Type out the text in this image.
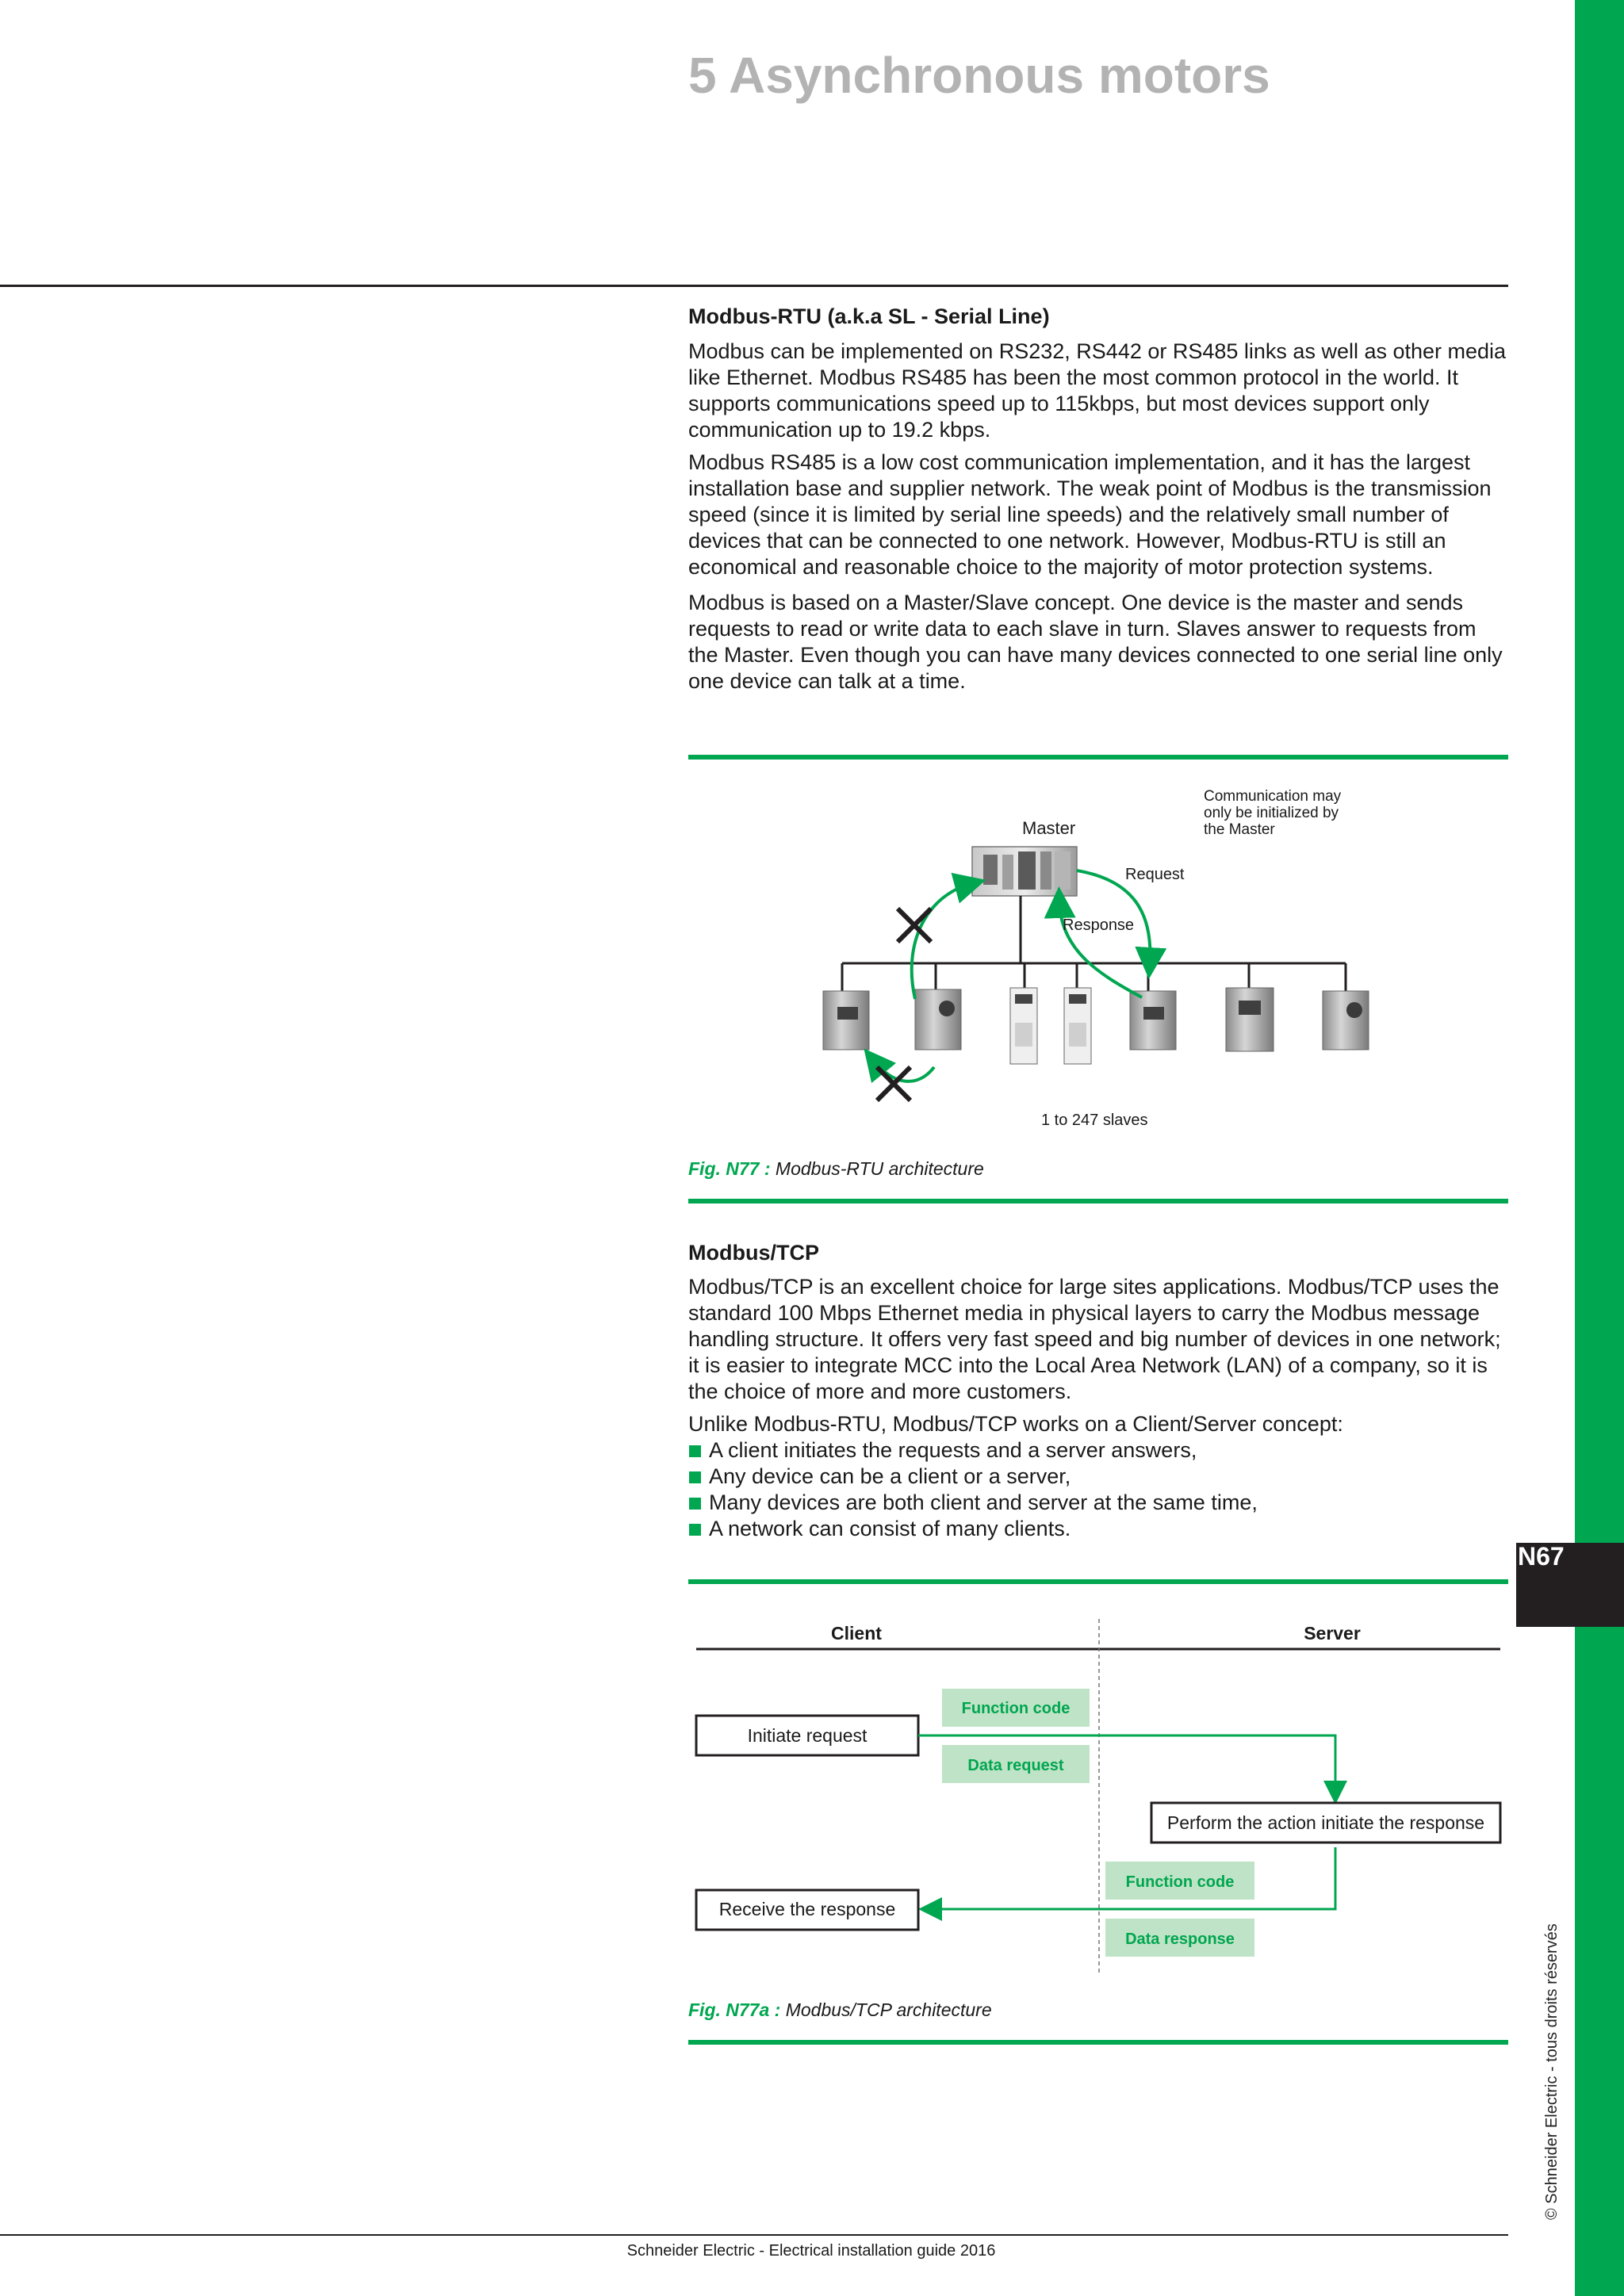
N67
© Schneider Electric - tous droits réservés
5 Asynchronous motors
Modbus-RTU (a.k.a SL - Serial Line)

Modbus can be implemented on RS232, RS442 or RS485 links as well as other media like Ethernet. Modbus RS485 has been the most common protocol in the world. It supports communications speed up to 115kbps, but most devices support only communication up to 19.2 kbps.

Modbus RS485 is a low cost communication implementation, and it has the largest installation base and supplier network. The weak point of Modbus is the transmission speed (since it is limited by serial line speeds) and the relatively small number of devices that can be connected to one network. However, Modbus-RTU is still an economical and reasonable choice to the majority of motor protection systems.

Modbus is based on a Master/Slave concept. One device is the master and sends requests to read or write data to each slave in turn. Slaves answer to requests from the Master. Even though you can have many devices connected to one serial line only one device can talk at a time.

Communication may
only be initialized by
the Master
Master
Request
Response
1 to 247 slaves
Fig. N77 : Modbus-RTU architecture
Modbus/TCP

Modbus/TCP is an excellent choice for large sites applications. Modbus/TCP uses the standard 100 Mbps Ethernet media in physical layers to carry the Modbus message handling structure. It offers very fast speed and big number of devices in one network; it is easier to integrate MCC into the Local Area Network (LAN) of a company, so it is the choice of more and more customers.

Unlike Modbus-RTU, Modbus/TCP works on a Client/Server concept:

A client initiates the requests and a server answers,
Any device can be a client or a server,
Many devices are both client and server at the same time,
A network can consist of many clients.
Client	Server
Function code
Initiate request
Data request
Perform the action initiate the response
Function code
Receive the response
Data response
Fig. N77a : Modbus/TCP architecture
Schneider Electric - Electrical installation guide 2016
